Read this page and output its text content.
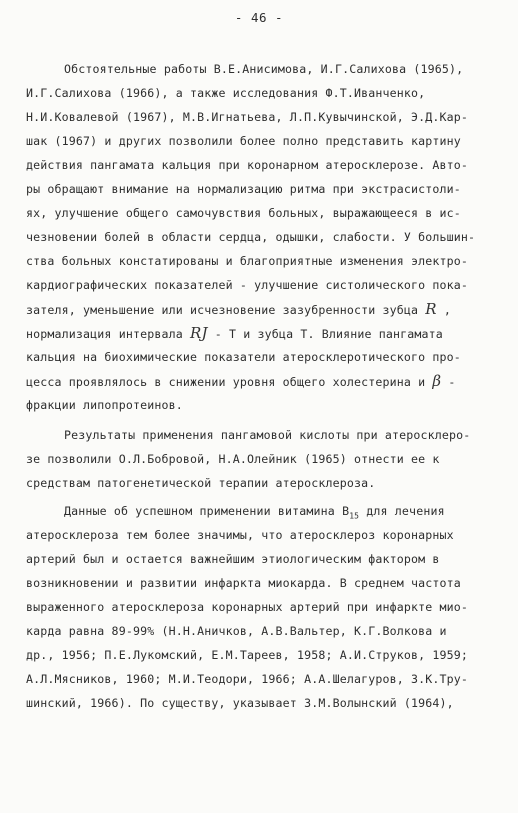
- 46 -
Обстоятельные работы В.Е.Анисимова, И.Г.Салихова (1965),
И.Г.Салихова (1966), а также исследования Ф.Т.Иванченко,
Н.И.Ковалевой (1967), М.В.Игнатьева, Л.П.Кувычинской, Э.Д.Кар-
шак (1967) и других позволили более полно представить картину
действия пангамата кальция при коронарном атеросклерозе. Авто-
ры обращают внимание на нормализацию ритма при экстрасистоли-
ях, улучшение общего самочувствия больных, выражающееся в ис-
чезновении болей в области сердца, одышки, слабости. У большин-
ства больных констатированы и благоприятные изменения электро-
кардиографических показателей - улучшение систолического пока-
зателя, уменьшение или исчезновение зазубренности зубца R ,
нормализация интервала RJ - Т и зубца Т. Влияние пангамата
кальция на биохимические показатели атеросклеротического про-
цесса проявлялось в снижении уровня общего холестерина и β -
фракции липопротеинов.
Результаты применения пангамовой кислоты при атеросклеро-
зе позволили О.Л.Бобровой, Н.А.Олейник (1965) отнести ее к
средствам патогенетической терапии атеросклероза.
Данные об успешном применении витамина $В_{15}$ для лечения
атеросклероза тем более значимы, что атеросклероз коронарных
артерий был и остается важнейшим этиологическим фактором в
возникновении и развитии инфаркта миокарда. В среднем частота
выраженного атеросклероза коронарных артерий при инфаркте мио-
карда равна 89-99% (Н.Н.Аничков, А.В.Вальтер, К.Г.Волкова и
др., 1956; П.Е.Лукомский, Е.М.Тареев, 1958; А.И.Струков, 1959;
А.Л.Мясников, 1960; М.И.Теодори, 1966; А.А.Шелагуров, З.К.Тру-
шинский, 1966). По существу, указывает З.М.Волынский (1964),
